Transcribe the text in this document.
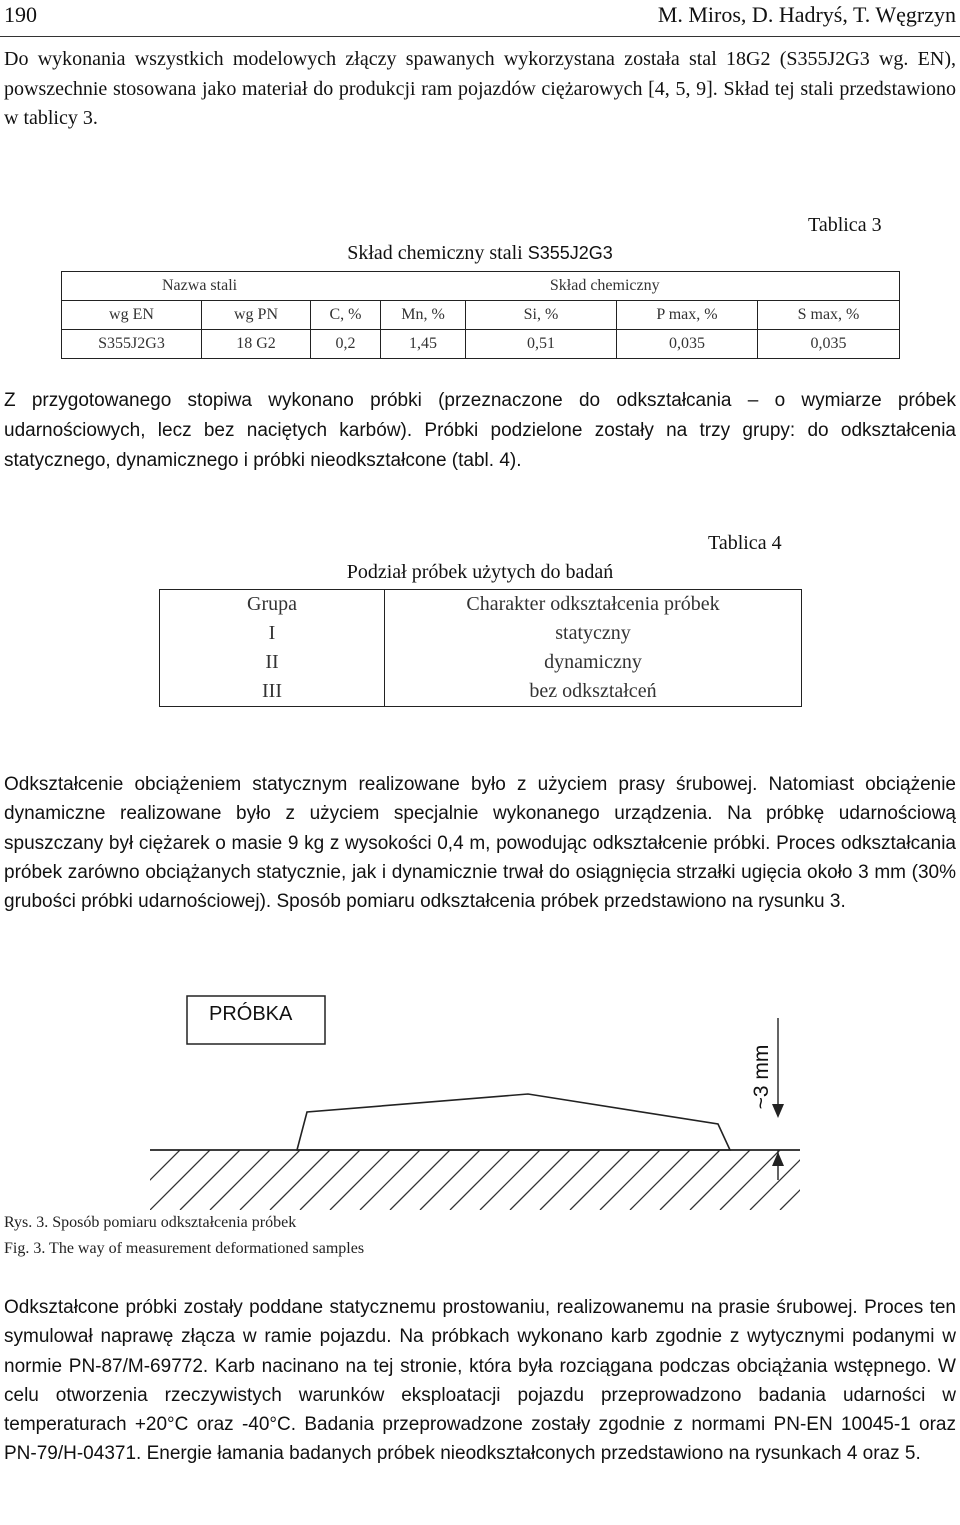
190	M. Miros, D. Hadryś, T. Węgrzyn
Do wykonania wszystkich modelowych złączy spawanych wykorzystana została stal 18G2 (S355J2G3 wg. EN), powszechnie stosowana jako materiał do produkcji ram pojazdów ciężarowych [4, 5, 9]. Skład tej stali przedstawiono w tablicy 3.
Tablica 3
Skład chemiczny stali S355J2G3
Nazwa stali		Skład chemiczny				
wg EN	wg PN	C, %	Mn, %	Si, %	P max, %	S max, %
S355J2G3	18 G2	0,2	1,45	0,51	0,035	0,035
Z przygotowanego stopiwa wykonano próbki (przeznaczone do odkształcania – o wymiarze próbek udarnościowych, lecz bez naciętych karbów). Próbki podzielone zostały na trzy grupy: do odkształcenia statycznego, dynamicznego i próbki nieodkształcone (tabl. 4).
Tablica 4
Podział próbek użytych do badań
Grupa	Charakter odkształcenia próbek
I	statyczny
II	dynamiczny
III	bez odkształceń
Odkształcenie obciążeniem statycznym realizowane było z użyciem prasy śrubowej. Natomiast obciążenie dynamiczne realizowane było z użyciem specjalnie wykonanego urządzenia. Na próbkę udarnościową spuszczany był ciężarek o masie 9 kg z wysokości 0,4 m, powodując odkształcenie próbki. Proces odkształcania próbek zarówno obciążanych statycznie, jak i dynamicznie trwał do osiągnięcia strzałki ugięcia około 3 mm (30% grubości próbki udarnościowej). Sposób pomiaru odkształcenia próbek przedstawiono na rysunku 3.
PRÓBKA
~3 mm
Rys. 3. Sposób pomiaru odkształcenia próbek
Fig. 3. The way of measurement deformationed samples
Odkształcone próbki zostały poddane statycznemu prostowaniu, realizowanemu na prasie śrubowej. Proces ten symulował naprawę złącza w ramie pojazdu. Na próbkach wykonano karb zgodnie z wytycznymi podanymi w normie PN-87/M-69772. Karb nacinano na tej stronie, która była rozciągana podczas obciążania wstępnego. W celu otworzenia rzeczywistych warunków eksploatacji pojazdu przeprowadzono badania udarności w temperaturach +20°C oraz -40°C. Badania przeprowadzone zostały zgodnie z normami PN-EN 10045-1 oraz PN-79/H-04371. Energie łamania badanych próbek nieodkształconych przedstawiono na rysunkach 4 oraz 5.
